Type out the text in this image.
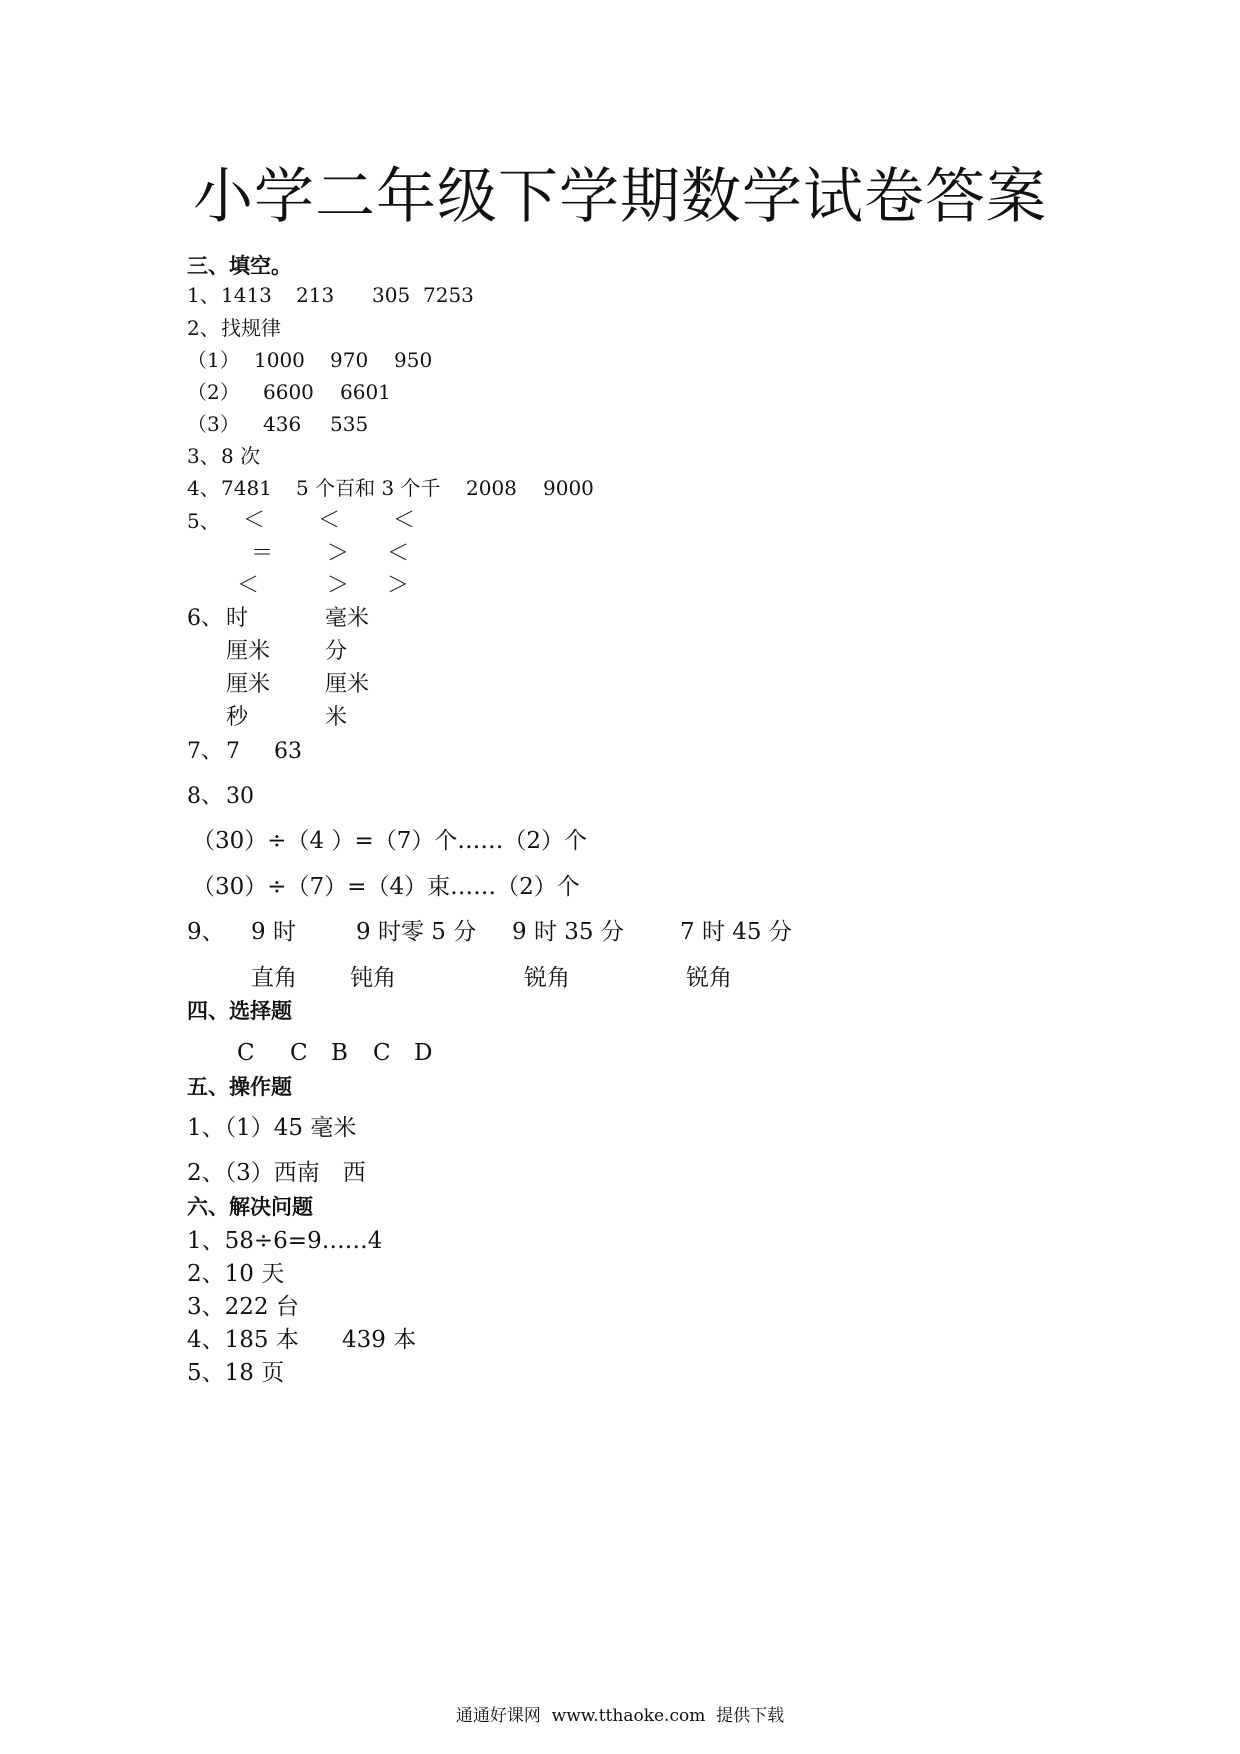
小学二年级下学期数学试卷答案
三、填空。
1、 1413 213 305 7253
2、 找规律
（1） 1000 970 950
（2） 6600 6601
（3） 436 535
3、 8 次
4、 7481 5 个百和 3 个千 2008 9000
5、 ＜ ＜ ＜
＝ ＞ ＜
＜	＞ ＞
6、 时	毫米
厘米 分
厘米 厘米
秒	米
7、 7 63
8、 30
（30）÷（4 ）=（7）个……（2）个
（30）÷（7）=（4）束……（2）个
9、 9 时	9 时零 5 分 9 时 35 分 7 时 45 分
直角 钝角	锐角	锐角
四、选择题
C C B C D
五、操作题
1、（1）45 毫米
2、（3）西南　西
六、解决问题
1、58÷6=9……4
2、10 天
3、222 台
4、185 本 439 本
5、18 页
通通好课网  www.tthaoke.com  提供下载
